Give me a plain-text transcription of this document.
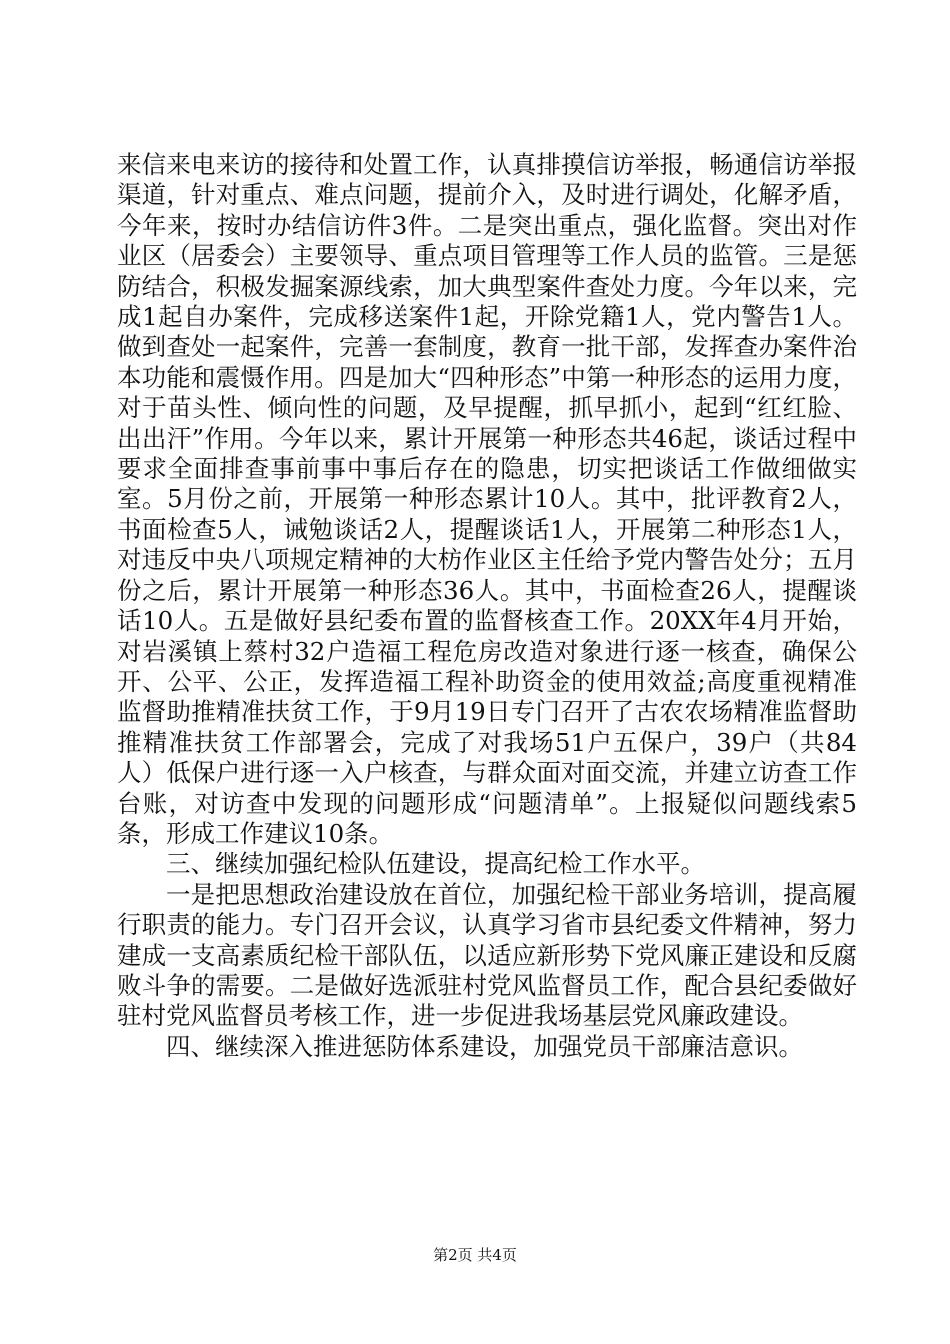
来信来电来访的接待和处置工作，认真排摸信访举报，畅通信访举报渠道，针对重点、难点问题，提前介入，及时进行调处，化解矛盾，今年来，按时办结信访件3件。二是突出重点，强化监督。突出对作业区（居委会）主要领导、重点项目管理等工作人员的监管。三是惩防结合，积极发掘案源线索，加大典型案件查处力度。今年以来，完成1起自办案件，完成移送案件1起，开除党籍1人，党内警告1人。做到查处一起案件，完善一套制度，教育一批干部，发挥查办案件治本功能和震慑作用。四是加大“四种形态”中第一种形态的运用力度，对于苗头性、倾向性的问题，及早提醒，抓早抓小，起到“红红脸、出出汗”作用。今年以来，累计开展第一种形态共46起，谈话过程中要求全面排查事前事中事后存在的隐患，切实把谈话工作做细做实室。5月份之前，开展第一种形态累计10人。其中，批评教育2人，书面检查5人，诫勉谈话2人，提醒谈话1人，开展第二种形态1人，对违反中央八项规定精神的大枋作业区主任给予党内警告处分；五月份之后，累计开展第一种形态36人。其中，书面检查26人，提醒谈话10人。五是做好县纪委布置的监督核查工作。20XX年4月开始，对岩溪镇上蔡村32户造福工程危房改造对象进行逐一核查，确保公开、公平、公正，发挥造福工程补助资金的使用效益;高度重视精准监督助推精准扶贫工作，于9月19日专门召开了古农农场精准监督助推精准扶贫工作部署会，完成了对我场51户五保户，39户（共84人）低保户进行逐一入户核查，与群众面对面交流，并建立访查工作台账，对访查中发现的问题形成“问题清单”。上报疑似问题线索5条，形成工作建议10条。

三、继续加强纪检队伍建设，提高纪检工作水平。

一是把思想政治建设放在首位，加强纪检干部业务培训，提高履行职责的能力。专门召开会议，认真学习省市县纪委文件精神，努力建成一支高素质纪检干部队伍，以适应新形势下党风廉正建设和反腐败斗争的需要。二是做好选派驻村党风监督员工作，配合县纪委做好驻村党风监督员考核工作，进一步促进我场基层党风廉政建设。

四、继续深入推进惩防体系建设，加强党员干部廉洁意识。

第2页 共4页
